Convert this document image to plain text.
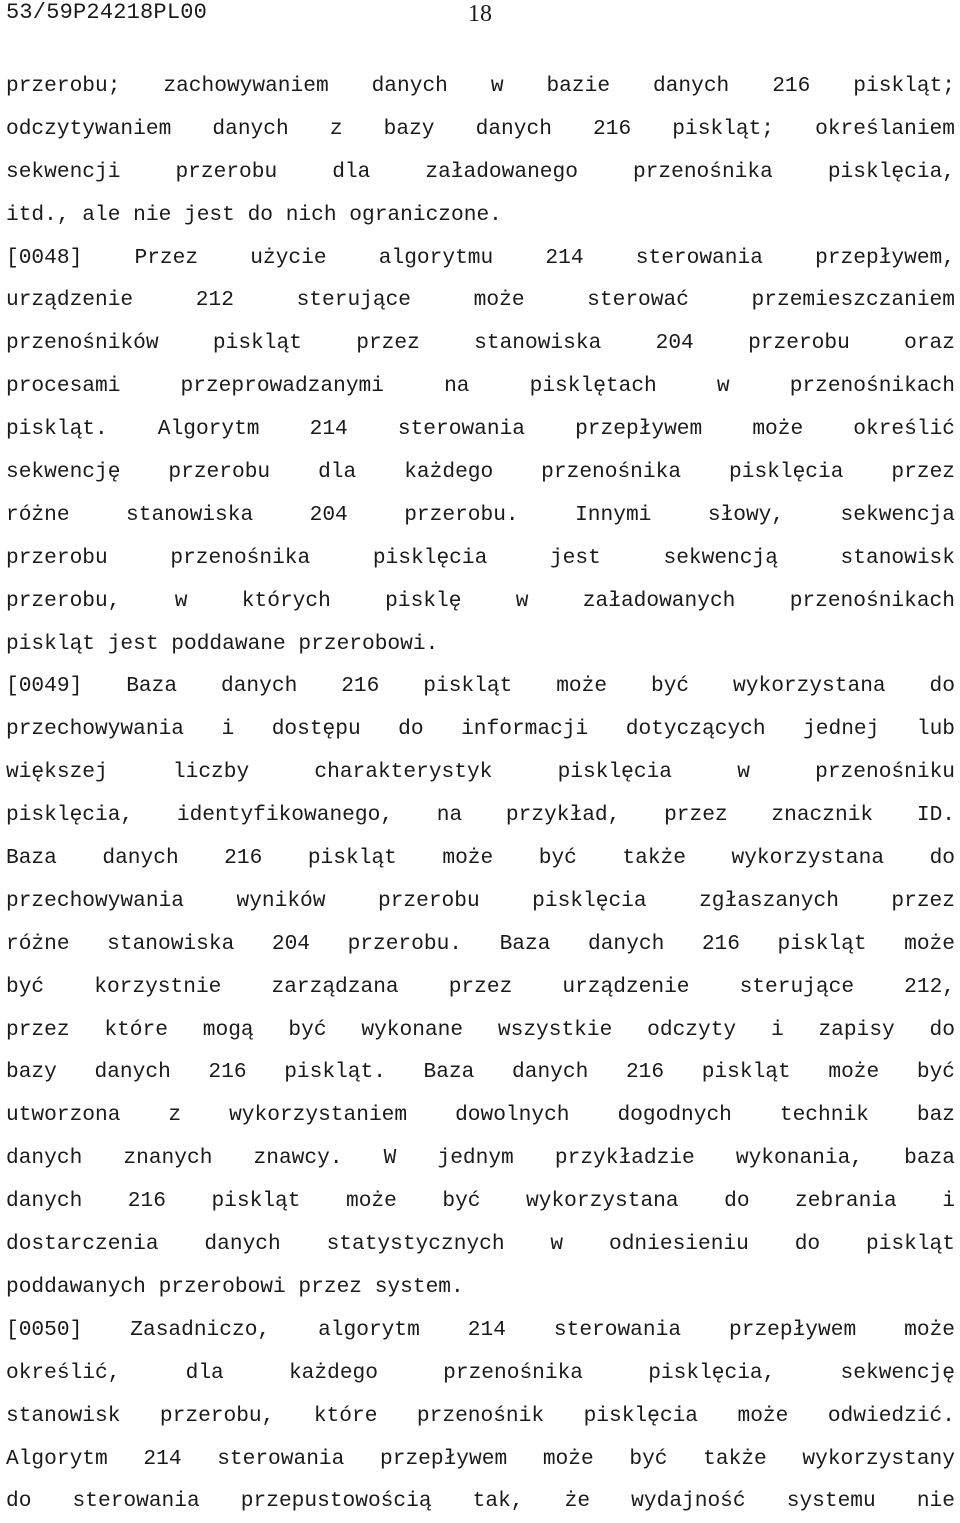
53/59P24218PL00	18
przerobu; zachowywaniem danych w bazie danych 216 piskląt;
odczytywaniem danych z bazy danych 216 piskląt; określaniem
sekwencji przerobu dla załadowanego przenośnika pisklęcia,
itd., ale nie jest do nich ograniczone.
[0048] Przez użycie algorytmu 214 sterowania przepływem,
urządzenie 212 sterujące może sterować przemieszczaniem
przenośników piskląt przez stanowiska 204 przerobu oraz
procesami przeprowadzanymi na pisklętach w przenośnikach
piskląt. Algorytm 214 sterowania przepływem może określić
sekwencję przerobu dla każdego przenośnika pisklęcia przez
różne stanowiska 204 przerobu. Innymi słowy, sekwencja
przerobu przenośnika pisklęcia jest sekwencją stanowisk
przerobu, w których pisklę w załadowanych przenośnikach
piskląt jest poddawane przerobowi.
[0049] Baza danych 216 piskląt może być wykorzystana do
przechowywania i dostępu do informacji dotyczących jednej lub
większej liczby charakterystyk pisklęcia w przenośniku
pisklęcia, identyfikowanego, na przykład, przez znacznik ID.
Baza danych 216 piskląt może być także wykorzystana do
przechowywania wyników przerobu pisklęcia zgłaszanych przez
różne stanowiska 204 przerobu. Baza danych 216 piskląt może
być korzystnie zarządzana przez urządzenie sterujące 212,
przez które mogą być wykonane wszystkie odczyty i zapisy do
bazy danych 216 piskląt. Baza danych 216 piskląt może być
utworzona z wykorzystaniem dowolnych dogodnych technik baz
danych znanych znawcy. W jednym przykładzie wykonania, baza
danych 216 piskląt może być wykorzystana do zebrania i
dostarczenia danych statystycznych w odniesieniu do piskląt
poddawanych przerobowi przez system.
[0050] Zasadniczo, algorytm 214 sterowania przepływem może
określić, dla każdego przenośnika pisklęcia, sekwencję
stanowisk przerobu, które przenośnik pisklęcia może odwiedzić.
Algorytm 214 sterowania przepływem może być także wykorzystany
do sterowania przepustowością tak, że wydajność systemu nie
